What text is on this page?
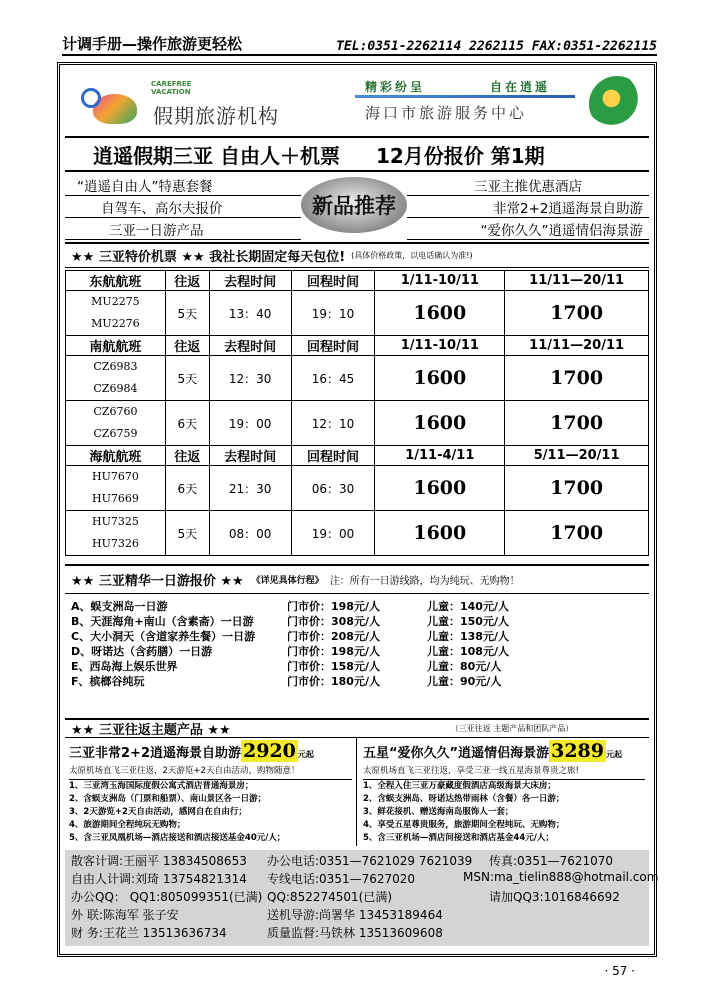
计调手册—操作旅游更轻松	TEL:0351-2262114 2262115 FAX:0351-2262115
CAREFREE
VACATION
假期旅游机构
精彩纷呈	自在逍遥
海口市旅游服务中心
逍遥假期三亚 自由人＋机票 12月份报价 第1期
“逍遥自由人”特惠套餐
自驾车、高尔夫报价
三亚一日游产品
三亚主推优惠酒店
非常2+2逍遥海景自助游
“爱你久久”逍遥情侣海景游
新品推荐
★★ 三亚特价机票 ★★ 我社长期固定每天包位! (具体价格政策，以电话确认为准!)
东航航班	往返	去程时间	回程时间	1/11-10/11	11/11—20/11

MU2275
MU2276	5天	13：40	19：10	1600	1700
南航航班	往返	去程时间	回程时间	1/11-10/11	11/11—20/11

CZ6983
CZ6984	5天	12：30	16：45	1600	1700

CZ6760
CZ6759	6天	19：00	12：10	1600	1700
海航航班	往返	去程时间	回程时间	1/11-4/11	5/11—20/11

HU7670
HU7669	6天	21：30	06：30	1600	1700

HU7325
HU7326	5天	08：00	19：00	1600	1700
★★ 三亚精华一日游报价 ★★ 《详见具体行程》 注：所有一日游线路，均为纯玩、无购物！
A、蜈支洲岛一日游	门市价：198元/人	儿童：140元/人
B、天涯海角+南山（含素斋）一日游	门市价：308元/人	儿童：150元/人
C、大小洞天（含道家养生餐）一日游	门市价：208元/人	儿童：138元/人
D、呀诺达（含药膳）一日游	门市价：198元/人	儿童：108元/人
E、西岛海上娱乐世界	门市价：158元/人	儿童：80元/人
F、槟榔谷纯玩	门市价：180元/人	儿童：90元/人
★★ 三亚往返主题产品 ★★	（三亚往返 主题产品和团队产品）
三亚非常2+2逍遥海景自助游 2920 元起
太原机场直飞三亚往返，2天游览+2天自由活动，购物随意！
1、三亚湾玉海国际度假公寓式酒店普通海景房；
2、含蜈支洲岛（门票和船票）、南山景区各一日游；
3、2天游览+2天自由活动，感网自在自由行；
4、旅游期间全程纯玩无购物；
5、含三亚凤凰机场—酒店接送和酒店接送基金40元/人；
五星“爱你久久”逍遥情侣海景游 3289 元起
太原机场直飞三亚往返，享受三亚一线五星海景尊贵之旅!
1、全程入住三亚万豪藏度假酒店高级海景大床房；
2、含蜈支洲岛、呀诺达热带雨林（含餐）各一日游；
3、鲜花接机、赠送海南岛服饰人一套；
4、享受五星尊贵服务，旅游期间全程纯玩、无购物；
5、含三亚机场—酒店间接送和酒店基金44元/人；
散客计调:王丽平 13834508653 办公电话:0351—7621029 7621039 传真:0351—7621070
自由人计调:刘琦 13754821314 专线电话:0351—7627020	MSN:ma_tielin888@hotmail.com
办公QQ： QQ1:805099351(已满) QQ:852274501(已满)	请加QQ3:1016846692
外 联:陈海军 张子安	送机导游:尚署华 13453189464
财 务:王花兰 13513636734	质量监督:马铁林 13513609608
· 57 ·
